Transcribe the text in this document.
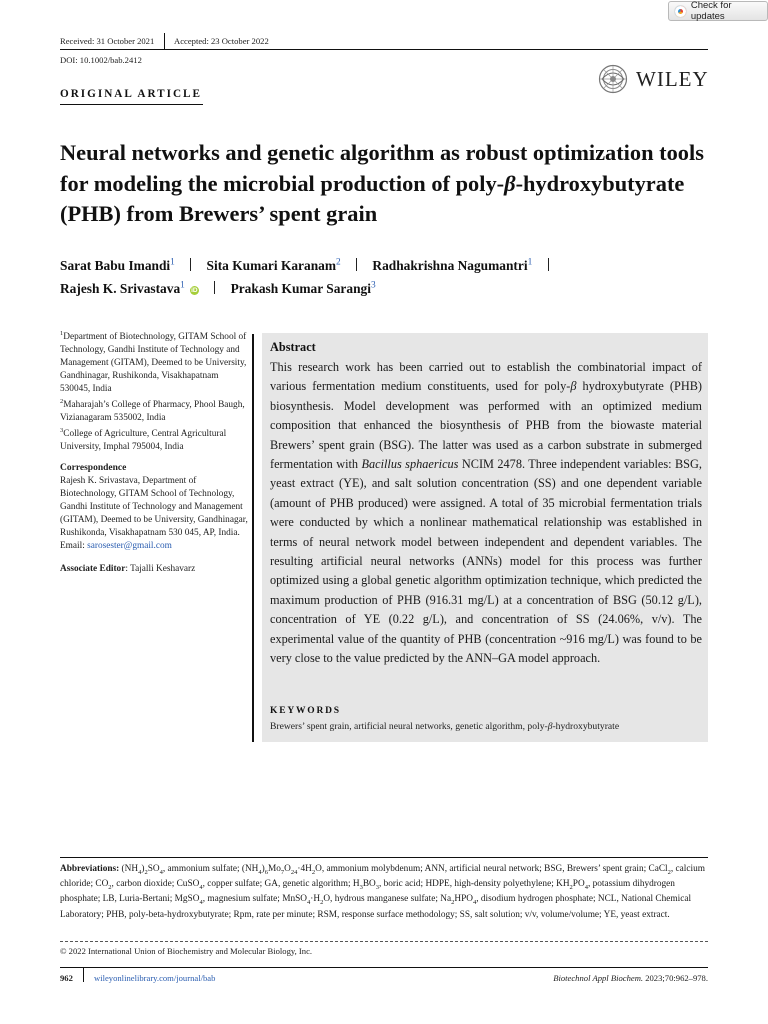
Check for updates
Received: 31 October 2021 Accepted: 23 October 2022
DOI: 10.1002/bab.2412
ORIGINAL ARTICLE
WILEY
Neural networks and genetic algorithm as robust optimization tools for modeling the microbial production of poly-β-hydroxybutyrate (PHB) from Brewers’ spent grain
Sarat Babu Imandi$^1$ Sita Kumari Karanam$^2$ Radhakrishna Nagumantri$^1$
Rajesh K. Srivastava$^1$ iD Prakash Kumar Sarangi$^3$
$^1$Department of Biotechnology, GITAM School of Technology, Gandhi Institute of Technology and Management (GITAM), Deemed to be University, Gandhinagar, Rushikonda, Visakhapatnam 530045, India
$^2$Maharajah’s College of Pharmacy, Phool Baugh, Vizianagaram 535002, India
$^3$College of Agriculture, Central Agricultural University, Imphal 795004, India
Correspondence
Rajesh K. Srivastava, Department of Biotechnology, GITAM School of Technology, Gandhi Institute of Technology and Management (GITAM), Deemed to be University, Gandhinagar, Rushikonda, Visakhapatnam 530 045, AP, India.
Email: sarosester@gmail.com
Associate Editor: Tajalli Keshavarz
Abstract
This research work has been carried out to establish the combinatorial impact of various fermentation medium constituents, used for poly-β hydroxybutyrate (PHB) biosynthesis. Model development was performed with an optimized medium composition that enhanced the biosynthesis of PHB from the biowaste material Brewers’ spent grain (BSG). The latter was used as a carbon substrate in submerged fermentation with Bacillus sphaericus NCIM 2478. Three independent variables: BSG, yeast extract (YE), and salt solution concentration (SS) and one dependent variable (amount of PHB produced) were assigned. A total of 35 microbial fermentation trials were conducted by which a nonlinear mathematical relationship was established in terms of neural network model between independent and dependent variables. The resulting artificial neural networks (ANNs) model for this process was further optimized using a global genetic algorithm optimization technique, which predicted the maximum production of PHB (916.31 mg/L) at a concentration of BSG (50.12 g/L), concentration of YE (0.22 g/L), and concentration of SS (24.06%, v/v). The experimental value of the quantity of PHB (concentration ~916 mg/L) was found to be very close to the value predicted by the ANN–GA model approach.
KEYWORDS
Brewers’ spent grain, artificial neural networks, genetic algorithm, poly-β-hydroxybutyrate
Abbreviations: $(NH_4)_2SO_4$, ammonium sulfate; $(NH_4)_6Mo_7O_{24}\cdot 4H_2O$, ammonium molybdenum; ANN, artificial neural network; BSG, Brewers’ spent grain; CaCl$_2$, calcium chloride; $CO_2$, carbon dioxide; CuSO$_4$, copper sulfate; GA, genetic algorithm; $H_3BO_3$, boric acid; HDPE, high-density polyethylene; $KH_2PO_4$, potassium dihydrogen phosphate; LB, Luria-Bertani; MgSO$_4$, magnesium sulfate; $MnSO_4\cdot H_2O$, hydrous manganese sulfate; $Na_2HPO_4$, disodium hydrogen phosphate; NCL, National Chemical Laboratory; PHB, poly-beta-hydroxybutyrate; Rpm, rate per minute; RSM, response surface methodology; SS, salt solution; v/v, volume/volume; YE, yeast extract.
© 2022 International Union of Biochemistry and Molecular Biology, Inc.
962 wileyonlinelibrary.com/journal/bab	Biotechnol Appl Biochem. 2023;70:962–978.
